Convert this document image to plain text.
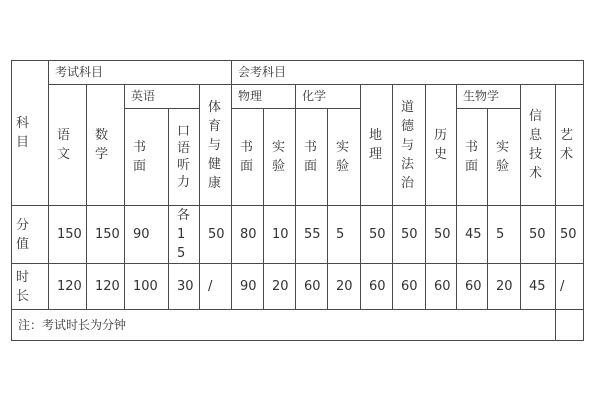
科目	考试科目					会考科目										
	语文	数学	英语		体育与健康	物理		化学		地理	道德与法治	历史	生物学		信息技术	艺术
			书面	口语听力		书面	实验	书面	实验				书面	实验		
分值	150	150	90	各15	50	80	10	55	5	50	50	50	45	5	50	50
时长	120	120	100	30	/	90	20	60	20	60	60	60	60	20	45	/
注：考试时长为分钟																
